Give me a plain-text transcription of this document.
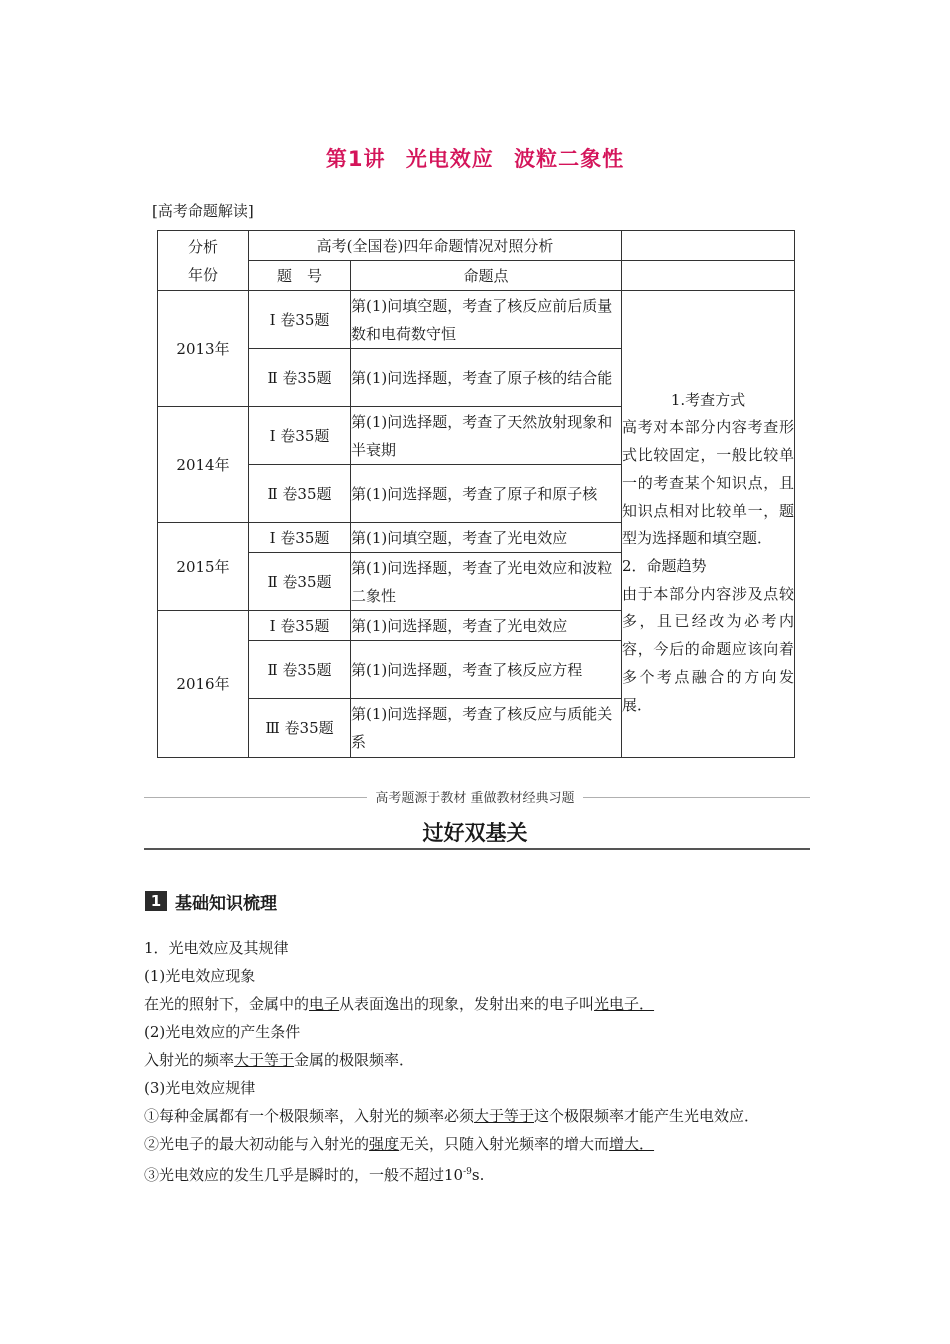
第1讲 光电效应 波粒二象性
[高考命题解读]
分析
年份	高考(全国卷)四年命题情况对照分析		
	题　号	命题点	
2013年	Ⅰ 卷35题	第(1)问填空题，考查了核反应前后质量数和电荷数守恒	1.考查方式
高考对本部分内容考查形式比较固定，一般比较单一的考查某个知识点，且知识点相对比较单一，题型为选择题和填空题．
2．命题趋势
由于本部分内容涉及点较多，且已经改为必考内容，今后的命题应该向着多个考点融合的方向发展．

	Ⅱ 卷35题	第(1)问选择题，考查了原子核的结合能	
2014年	Ⅰ 卷35题	第(1)问选择题，考查了天然放射现象和半衰期	
	Ⅱ 卷35题	第(1)问选择题，考查了原子和原子核	
2015年	Ⅰ 卷35题	第(1)问填空题，考查了光电效应	
	Ⅱ 卷35题	第(1)问选择题，考查了光电效应和波粒二象性	
2016年	Ⅰ 卷35题	第(1)问选择题，考查了光电效应	
	Ⅱ 卷35题	第(1)问选择题，考查了核反应方程	
	Ⅲ 卷35题	第(1)问选择题，考查了核反应与质能关系	
高考题源于教材 重做教材经典习题
过好双基关
1 基础知识梳理

1．光电效应及其规律

(1)光电效应现象

在光的照射下，金属中的电子从表面逸出的现象，发射出来的电子叫光电子．

(2)光电效应的产生条件

入射光的频率大于等于金属的极限频率．

(3)光电效应规律

①每种金属都有一个极限频率，入射光的频率必须大于等于这个极限频率才能产生光电效应．

②光电子的最大初动能与入射光的强度无关，只随入射光频率的增大而增大．

③光电效应的发生几乎是瞬时的，一般不超过$10^{-9}s$.
